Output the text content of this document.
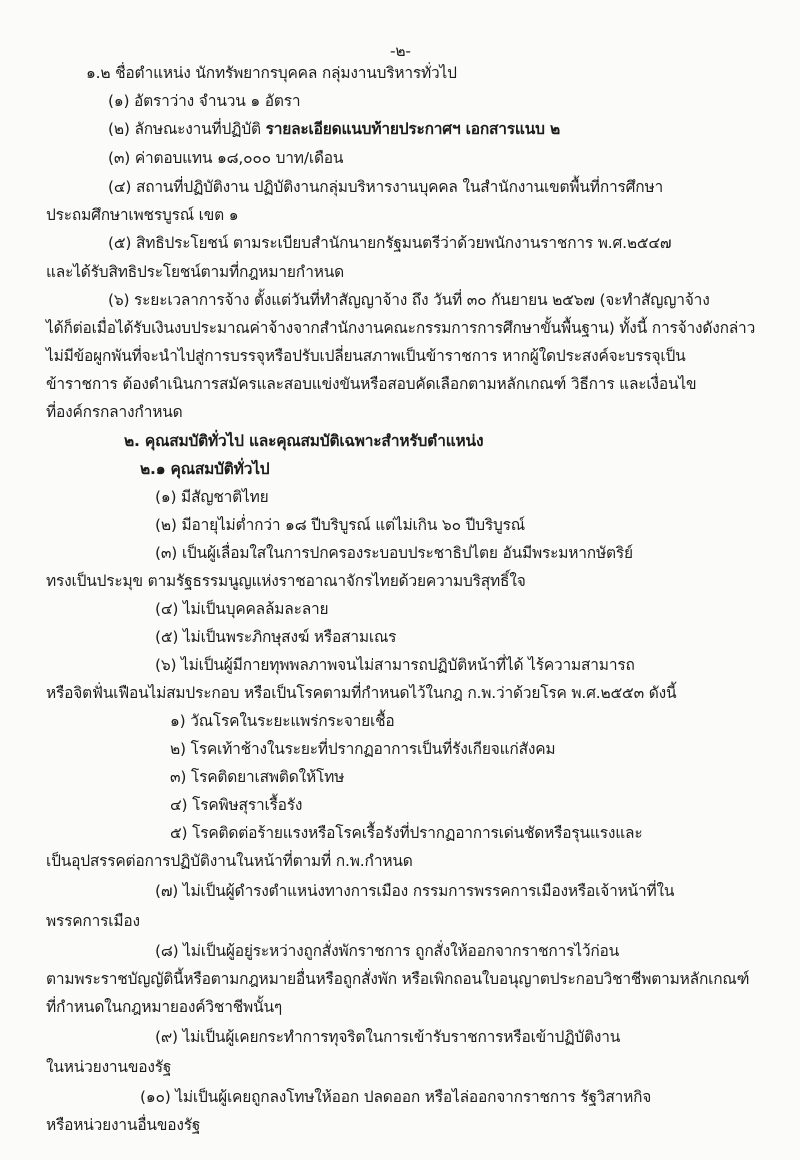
-๒-
๑.๒ ชื่อตำแหน่ง นักทรัพยากรบุคคล กลุ่มงานบริหารทั่วไป
(๑) อัตราว่าง จำนวน ๑ อัตรา
(๒) ลักษณะงานที่ปฏิบัติ รายละเอียดแนบท้ายประกาศฯ เอกสารแนบ ๒
(๓) ค่าตอบแทน ๑๘,๐๐๐ บาท/เดือน
(๔) สถานที่ปฏิบัติงาน ปฏิบัติงานกลุ่มบริหารงานบุคคล ในสำนักงานเขตพื้นที่การศึกษา
ประถมศึกษาเพชรบูรณ์ เขต ๑
(๕) สิทธิประโยชน์ ตามระเบียบสำนักนายกรัฐมนตรีว่าด้วยพนักงานราชการ พ.ศ.๒๕๔๗
และได้รับสิทธิประโยชน์ตามที่กฎหมายกำหนด
(๖) ระยะเวลาการจ้าง ตั้งแต่วันที่ทำสัญญาจ้าง ถึง วันที่ ๓๐ กันยายน ๒๕๖๗ (จะทำสัญญาจ้าง
ได้ก็ต่อเมื่อได้รับเงินงบประมาณค่าจ้างจากสำนักงานคณะกรรมการการศึกษาขั้นพื้นฐาน) ทั้งนี้ การจ้างดังกล่าว
ไม่มีข้อผูกพันที่จะนำไปสู่การบรรจุหรือปรับเปลี่ยนสภาพเป็นข้าราชการ หากผู้ใดประสงค์จะบรรจุเป็น
ข้าราชการ ต้องดำเนินการสมัครและสอบแข่งขันหรือสอบคัดเลือกตามหลักเกณฑ์ วิธีการ และเงื่อนไข
ที่องค์กรกลางกำหนด
๒. คุณสมบัติทั่วไป และคุณสมบัติเฉพาะสำหรับตำแหน่ง
๒.๑ คุณสมบัติทั่วไป
(๑) มีสัญชาติไทย
(๒) มีอายุไม่ต่ำกว่า ๑๘ ปีบริบูรณ์ แต่ไม่เกิน ๖๐ ปีบริบูรณ์
(๓) เป็นผู้เลื่อมใสในการปกครองระบอบประชาธิปไตย อันมีพระมหากษัตริย์
ทรงเป็นประมุข ตามรัฐธรรมนูญแห่งราชอาณาจักรไทยด้วยความบริสุทธิ์ใจ
(๔) ไม่เป็นบุคคลล้มละลาย
(๕) ไม่เป็นพระภิกษุสงฆ์ หรือสามเณร
(๖) ไม่เป็นผู้มีกายทุพพลภาพจนไม่สามารถปฏิบัติหน้าที่ได้ ไร้ความสามารถ
หรือจิตฟั่นเฟือนไม่สมประกอบ หรือเป็นโรคตามที่กำหนดไว้ในกฎ ก.พ.ว่าด้วยโรค พ.ศ.๒๕๕๓ ดังนี้
๑) วัณโรคในระยะแพร่กระจายเชื้อ
๒) โรคเท้าช้างในระยะที่ปรากฏอาการเป็นที่รังเกียจแก่สังคม
๓) โรคติดยาเสพติดให้โทษ
๔) โรคพิษสุราเรื้อรัง
๕) โรคติดต่อร้ายแรงหรือโรคเรื้อรังที่ปรากฏอาการเด่นชัดหรือรุนแรงและ
เป็นอุปสรรคต่อการปฏิบัติงานในหน้าที่ตามที่ ก.พ.กำหนด
(๗) ไม่เป็นผู้ดำรงตำแหน่งทางการเมือง กรรมการพรรคการเมืองหรือเจ้าหน้าที่ใน
พรรคการเมือง
(๘) ไม่เป็นผู้อยู่ระหว่างถูกสั่งพักราชการ ถูกสั่งให้ออกจากราชการไว้ก่อน
ตามพระราชบัญญัตินี้หรือตามกฎหมายอื่นหรือถูกสั่งพัก หรือเพิกถอนใบอนุญาตประกอบวิชาชีพตามหลักเกณฑ์
ที่กำหนดในกฎหมายองค์วิชาชีพนั้นๆ
(๙) ไม่เป็นผู้เคยกระทำการทุจริตในการเข้ารับราชการหรือเข้าปฏิบัติงาน
ในหน่วยงานของรัฐ
(๑๐) ไม่เป็นผู้เคยถูกลงโทษให้ออก ปลดออก หรือไล่ออกจากราชการ รัฐวิสาหกิจ
หรือหน่วยงานอื่นของรัฐ
